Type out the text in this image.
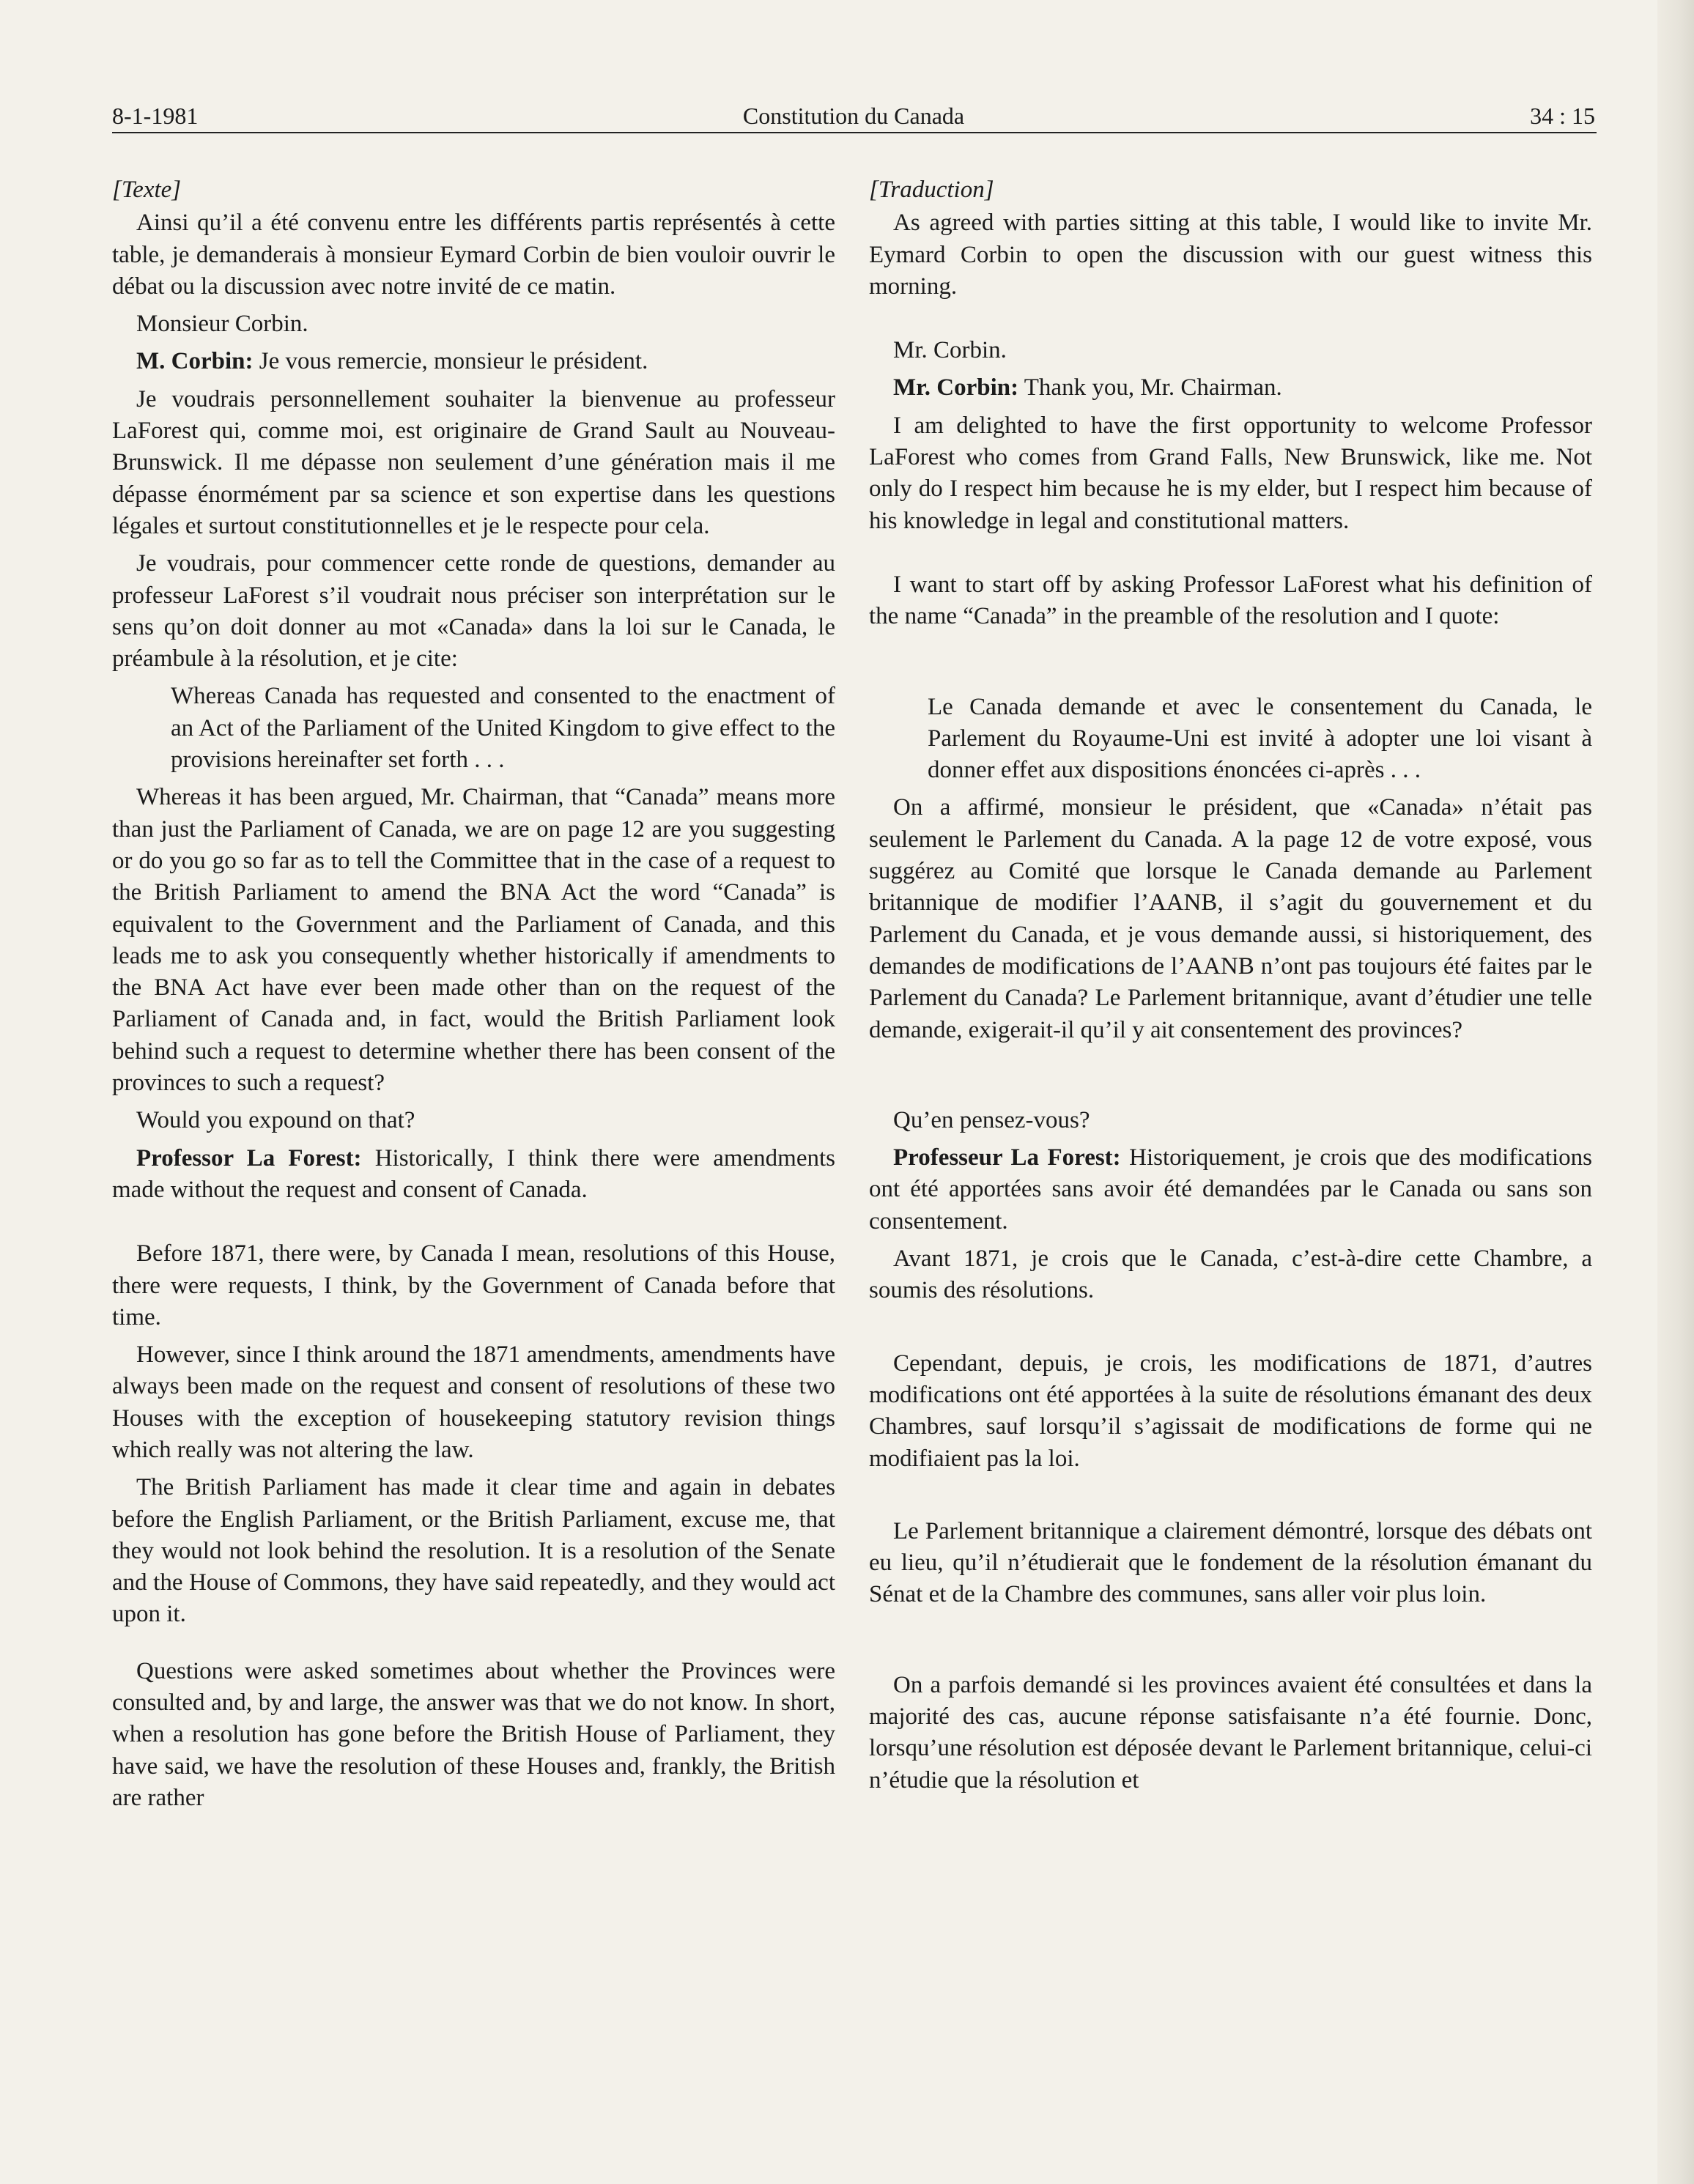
8-1-1981	Constitution du Canada	34 : 15

[Texte]

Ainsi qu’il a été convenu entre les différents partis représentés à cette table, je demanderais à monsieur Eymard Corbin de bien vouloir ouvrir le débat ou la discussion avec notre invité de ce matin.

Monsieur Corbin.

M. Corbin: Je vous remercie, monsieur le président.

Je voudrais personnellement souhaiter la bienvenue au professeur LaForest qui, comme moi, est originaire de Grand Sault au Nouveau-Brunswick. Il me dépasse non seulement d’une génération mais il me dépasse énormément par sa science et son expertise dans les questions légales et surtout constitutionnelles et je le respecte pour cela.

Je voudrais, pour commencer cette ronde de questions, demander au professeur LaForest s’il voudrait nous préciser son interprétation sur le sens qu’on doit donner au mot «Canada» dans la loi sur le Canada, le préambule à la résolution, et je cite:

Whereas Canada has requested and consented to the enactment of an Act of the Parliament of the United Kingdom to give effect to the provisions hereinafter set forth . . .

Whereas it has been argued, Mr. Chairman, that “Canada” means more than just the Parliament of Canada, we are on page 12 are you suggesting or do you go so far as to tell the Committee that in the case of a request to the British Parliament to amend the BNA Act the word “Canada” is equivalent to the Government and the Parliament of Canada, and this leads me to ask you consequently whether historically if amendments to the BNA Act have ever been made other than on the request of the Parliament of Canada and, in fact, would the British Parliament look behind such a request to determine whether there has been consent of the provinces to such a request?

Would you expound on that?

Professor La Forest: Historically, I think there were amendments made without the request and consent of Canada.

Before 1871, there were, by Canada I mean, resolutions of this House, there were requests, I think, by the Government of Canada before that time.

However, since I think around the 1871 amendments, amendments have always been made on the request and consent of resolutions of these two Houses with the exception of housekeeping statutory revision things which really was not altering the law.

The British Parliament has made it clear time and again in debates before the English Parliament, or the British Parliament, excuse me, that they would not look behind the resolution. It is a resolution of the Senate and the House of Commons, they have said repeatedly, and they would act upon it.

Questions were asked sometimes about whether the Provinces were consulted and, by and large, the answer was that we do not know. In short, when a resolution has gone before the British House of Parliament, they have said, we have the resolution of these Houses and, frankly, the British are rather

[Traduction]

As agreed with parties sitting at this table, I would like to invite Mr. Eymard Corbin to open the discussion with our guest witness this morning.

Mr. Corbin.

Mr. Corbin: Thank you, Mr. Chairman.

I am delighted to have the first opportunity to welcome Professor LaForest who comes from Grand Falls, New Brunswick, like me. Not only do I respect him because he is my elder, but I respect him because of his knowledge in legal and constitutional matters.

I want to start off by asking Professor LaForest what his definition of the name “Canada” in the preamble of the resolution and I quote:

Le Canada demande et avec le consentement du Canada, le Parlement du Royaume-Uni est invité à adopter une loi visant à donner effet aux dispositions énoncées ci-après . . .

On a affirmé, monsieur le président, que «Canada» n’était pas seulement le Parlement du Canada. A la page 12 de votre exposé, vous suggérez au Comité que lorsque le Canada demande au Parlement britannique de modifier l’AANB, il s’agit du gouvernement et du Parlement du Canada, et je vous demande aussi, si historiquement, des demandes de modifications de l’AANB n’ont pas toujours été faites par le Parlement du Canada? Le Parlement britannique, avant d’étudier une telle demande, exigerait-il qu’il y ait consentement des provinces?

Qu’en pensez-vous?

Professeur La Forest: Historiquement, je crois que des modifications ont été apportées sans avoir été demandées par le Canada ou sans son consentement.

Avant 1871, je crois que le Canada, c’est-à-dire cette Chambre, a soumis des résolutions.

Cependant, depuis, je crois, les modifications de 1871, d’autres modifications ont été apportées à la suite de résolutions émanant des deux Chambres, sauf lorsqu’il s’agissait de modifications de forme qui ne modifiaient pas la loi.

Le Parlement britannique a clairement démontré, lorsque des débats ont eu lieu, qu’il n’étudierait que le fondement de la résolution émanant du Sénat et de la Chambre des communes, sans aller voir plus loin.

On a parfois demandé si les provinces avaient été consultées et dans la majorité des cas, aucune réponse satisfaisante n’a été fournie. Donc, lorsqu’une résolution est déposée devant le Parlement britannique, celui-ci n’étudie que la résolution et
